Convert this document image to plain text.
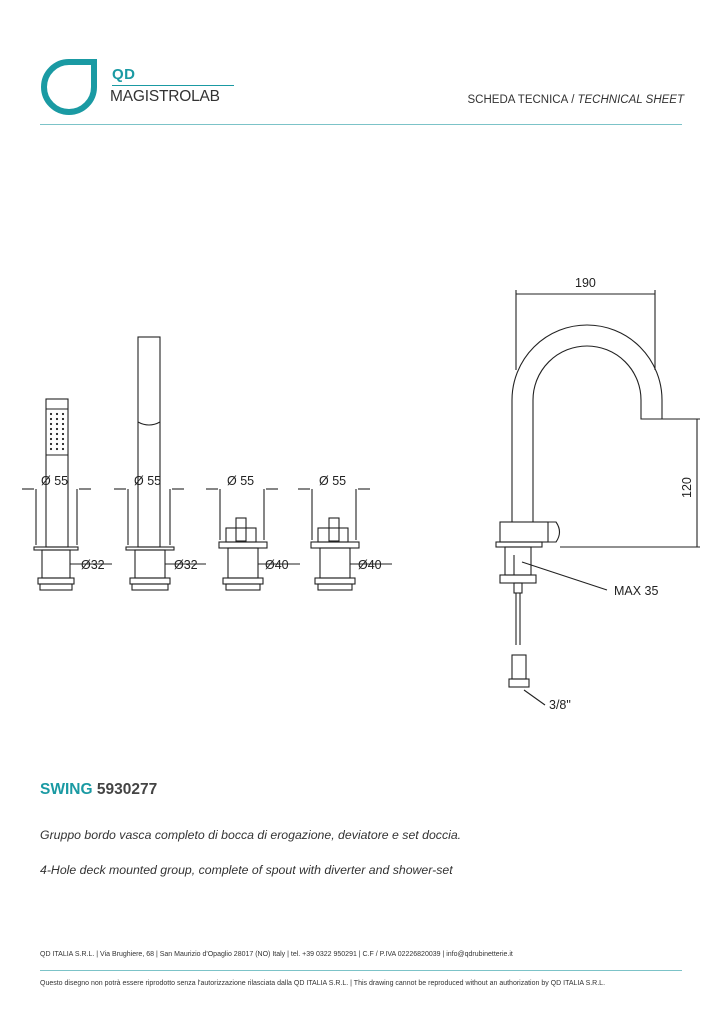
QD
MAGISTROLAB	SCHEDA TECNICA / TECHNICAL SHEET
Ø 55	Ø 55	Ø 55	Ø 55
Ø32	Ø32	Ø40	Ø40
190
120
MAX 35
3/8"
SWING 5930277
Gruppo bordo vasca completo di bocca di erogazione, deviatore e set doccia.
4-Hole deck mounted group, complete of spout with diverter and shower-set
QD ITALIA S.R.L. | Via Brughiere, 68 | San Maurizio d'Opaglio 28017 (NO) Italy | tel. +39 0322 950291 | C.F / P.IVA 02226820039 | info@qdrubinetterie.it
Questo disegno non potrà essere riprodotto senza l'autorizzazione rilasciata dalla QD ITALIA S.R.L. | This drawing cannot be reproduced without an authorization by QD ITALIA S.R.L.
